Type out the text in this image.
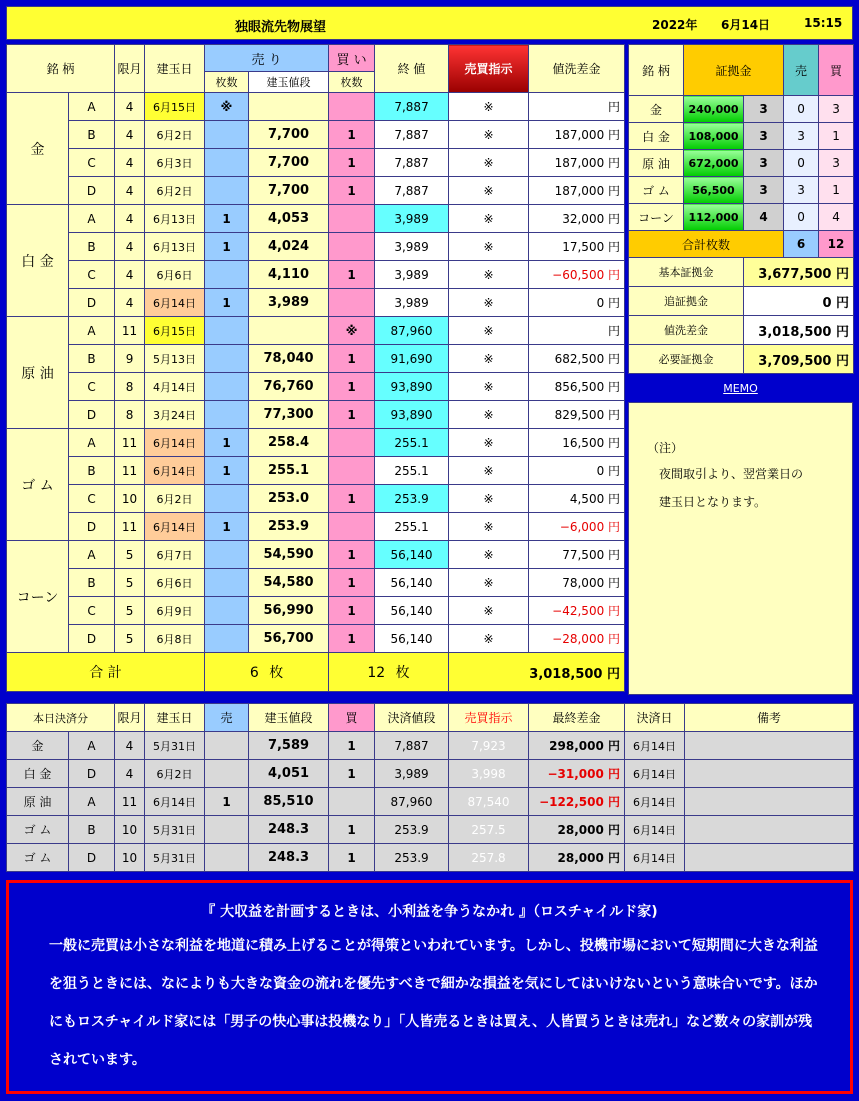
独眼流先物展望	2022年 6月14日	15:15
銘 柄		限月	建玉日	売 り		買 い	終 値	売買指示	値洗差金
				枚数	建玉値段	枚数			
金	A	4	6月15日	※			7,887	※	円
	B	4	6月2日		7,700	1	7,887	※	187,000 円
	C	4	6月3日		7,700	1	7,887	※	187,000 円
	D	4	6月2日		7,700	1	7,887	※	187,000 円
白 金	A	4	6月13日	1	4,053		3,989	※	32,000 円
	B	4	6月13日	1	4,024		3,989	※	17,500 円
	C	4	6月6日		4,110	1	3,989	※	−60,500 円
	D	4	6月14日	1	3,989		3,989	※	0 円
原 油	A	11	6月15日			※	87,960	※	円
	B	9	5月13日		78,040	1	91,690	※	682,500 円
	C	8	4月14日		76,760	1	93,890	※	856,500 円
	D	8	3月24日		77,300	1	93,890	※	829,500 円
ゴ ム	A	11	6月14日	1	258.4		255.1	※	16,500 円
	B	11	6月14日	1	255.1		255.1	※	0 円
	C	10	6月2日		253.0	1	253.9	※	4,500 円
	D	11	6月14日	1	253.9		255.1	※	−6,000 円
コーン	A	5	6月7日		54,590	1	56,140	※	77,500 円
	B	5	6月6日		54,580	1	56,140	※	78,000 円
	C	5	6月9日		56,990	1	56,140	※	−42,500 円
	D	5	6月8日		56,700	1	56,140	※	−28,000 円
合 計				6 枚		12 枚		3,018,500 円	
銘 柄	証拠金		売	買
金	240,000	3	0	3
白 金	108,000	3	3	1
原 油	672,000	3	0	3
ゴ ム	56,500	3	3	1
コーン	112,000	4	0	4
合計枚数			6	12
基本証拠金		3,677,500 円		
追証拠金		0 円		
値洗差金		3,018,500 円		
必要証拠金		3,709,500 円		
MEMO
（注）
夜間取引より、翌営業日の
建玉日となります。
本日決済分		限月	建玉日	売	建玉値段	買	決済値段	売買指示	最終差金	決済日	備考
金	A	4	5月31日		7,589	1	7,887	7,923	298,000 円	6月14日	
白 金	D	4	6月2日		4,051	1	3,989	3,998	−31,000 円	6月14日	
原 油	A	11	6月14日	1	85,510		87,960	87,540	−122,500 円	6月14日	
ゴ ム	B	10	5月31日		248.3	1	253.9	257.5	28,000 円	6月14日	
ゴ ム	D	10	5月31日		248.3	1	253.9	257.8	28,000 円	6月14日	
『 大収益を計画するときは、小利益を争うなかれ 』（ロスチャイルド家)
一般に売買は小さな利益を地道に積み上げることが得策といわれています。しかし、投機市場において短期間に大きな利益を狙うときには、なによりも大きな資金の流れを優先すべきで細かな損益を気にしてはいけないという意味合いです。ほかにもロスチャイルド家には「男子の快心事は投機なり」「人皆売るときは買え、人皆買うときは売れ」など数々の家訓が残されています。
